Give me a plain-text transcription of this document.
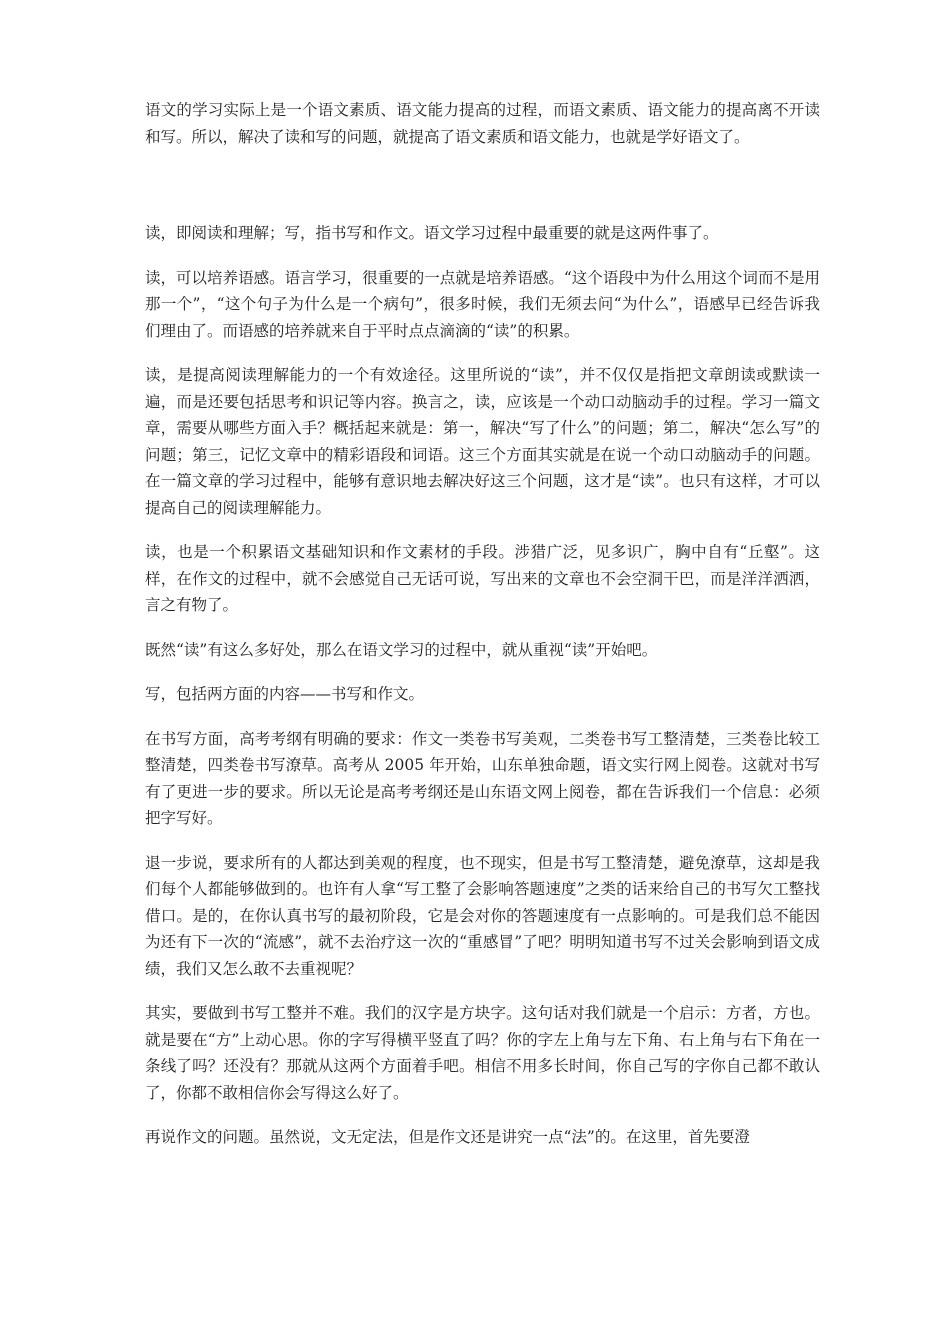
语文的学习实际上是一个语文素质、语文能力提高的过程，而语文素质、语文能力的提高离不开读和写。所以，解决了读和写的问题，就提高了语文素质和语文能力，也就是学好语文了。

读，即阅读和理解；写，指书写和作文。语文学习过程中最重要的就是这两件事了。

读，可以培养语感。语言学习，很重要的一点就是培养语感。“这个语段中为什么用这个词而不是用那一个”，“这个句子为什么是一个病句”，很多时候，我们无须去问“为什么”，语感早已经告诉我们理由了。而语感的培养就来自于平时点点滴滴的“读”的积累。

读，是提高阅读理解能力的一个有效途径。这里所说的“读”，并不仅仅是指把文章朗读或默读一遍，而是还要包括思考和识记等内容。换言之，读，应该是一个动口动脑动手的过程。学习一篇文章，需要从哪些方面入手？概括起来就是：第一，解决“写了什么”的问题；第二，解决“怎么写”的问题；第三，记忆文章中的精彩语段和词语。这三个方面其实就是在说一个动口动脑动手的问题。在一篇文章的学习过程中，能够有意识地去解决好这三个问题，这才是“读”。也只有这样，才可以提高自己的阅读理解能力。

读，也是一个积累语文基础知识和作文素材的手段。涉猎广泛，见多识广，胸中自有“丘壑”。这样，在作文的过程中，就不会感觉自己无话可说，写出来的文章也不会空洞干巴，而是洋洋洒洒，言之有物了。

既然“读”有这么多好处，那么在语文学习的过程中，就从重视“读”开始吧。

写，包括两方面的内容——书写和作文。

在书写方面，高考考纲有明确的要求：作文一类卷书写美观，二类卷书写工整清楚，三类卷比较工整清楚，四类卷书写潦草。高考从 2005 年开始，山东单独命题，语文实行网上阅卷。这就对书写有了更进一步的要求。所以无论是高考考纲还是山东语文网上阅卷，都在告诉我们一个信息：必须把字写好。

退一步说，要求所有的人都达到美观的程度，也不现实，但是书写工整清楚，避免潦草，这却是我们每个人都能够做到的。也许有人拿“写工整了会影响答题速度”之类的话来给自己的书写欠工整找借口。是的，在你认真书写的最初阶段，它是会对你的答题速度有一点影响的。可是我们总不能因为还有下一次的“流感”，就不去治疗这一次的“重感冒”了吧？明明知道书写不过关会影响到语文成绩，我们又怎么敢不去重视呢？

其实，要做到书写工整并不难。我们的汉字是方块字。这句话对我们就是一个启示：方者，方也。就是要在“方”上动心思。你的字写得横平竖直了吗？你的字左上角与左下角、右上角与右下角在一条线了吗？还没有？那就从这两个方面着手吧。相信不用多长时间，你自己写的字你自己都不敢认了，你都不敢相信你会写得这么好了。

再说作文的问题。虽然说，文无定法，但是作文还是讲究一点“法”的。在这里，首先要澄
